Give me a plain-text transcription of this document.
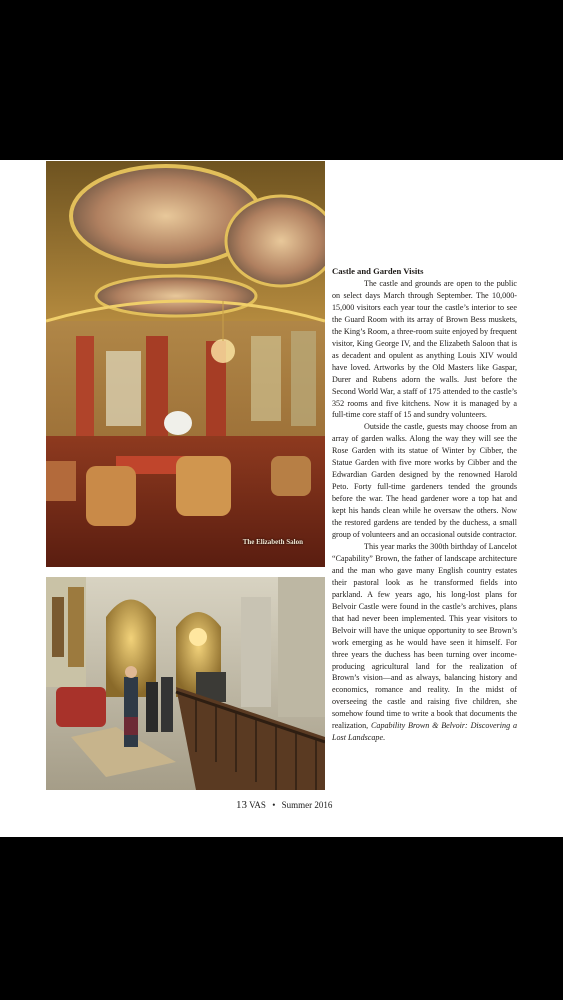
The Elizabeth Salon
Castle and Garden Visits

The castle and grounds are open to the public on select days March through September. The 10,000-15,000 visitors each year tour the castle’s interior to see the Guard Room with its array of Brown Bess muskets, the King’s Room, a three-room suite enjoyed by frequent visitor, King George IV, and the Elizabeth Saloon that is as decadent and opulent as anything Louis XIV would have loved. Artworks by the Old Masters like Gaspar, Durer and Rubens adorn the walls. Just before the Second World War, a staff of 175 attended to the castle’s 352 rooms and five kitchens. Now it is managed by a full-time core staff of 15 and sundry volunteers.

Outside the castle, guests may choose from an array of garden walks. Along the way they will see the Rose Garden with its statue of Winter by Cibber, the Statue Garden with five more works by Cibber and the Edwardian Garden designed by the renowned Harold Peto. Forty full-time gardeners tended the grounds before the war. The head gardener wore a top hat and kept his hands clean while he oversaw the others. Now the restored gardens are tended by the duchess, a small group of volunteers and an occasional outside contractor.

This year marks the 300th birthday of Lancelot “Capability” Brown, the father of landscape architecture and the man who gave many English country estates their pastoral look as he transformed fields into parkland. A few years ago, his long-lost plans for Belvoir Castle were found in the castle’s archives, plans that had never been implemented. This year visitors to Belvoir will have the unique opportunity to see Brown’s work emerging as he would have seen it himself. For three years the duchess has been turning over income-producing agricultural land for the realization of Brown’s vision—and as always, balancing history and economics, romance and reality. In the midst of overseeing the castle and raising five children, she somehow found time to write a book that documents the realization, Capability Brown & Belvoir: Discovering a Lost Landscape.

13 VAS • Summer 2016
